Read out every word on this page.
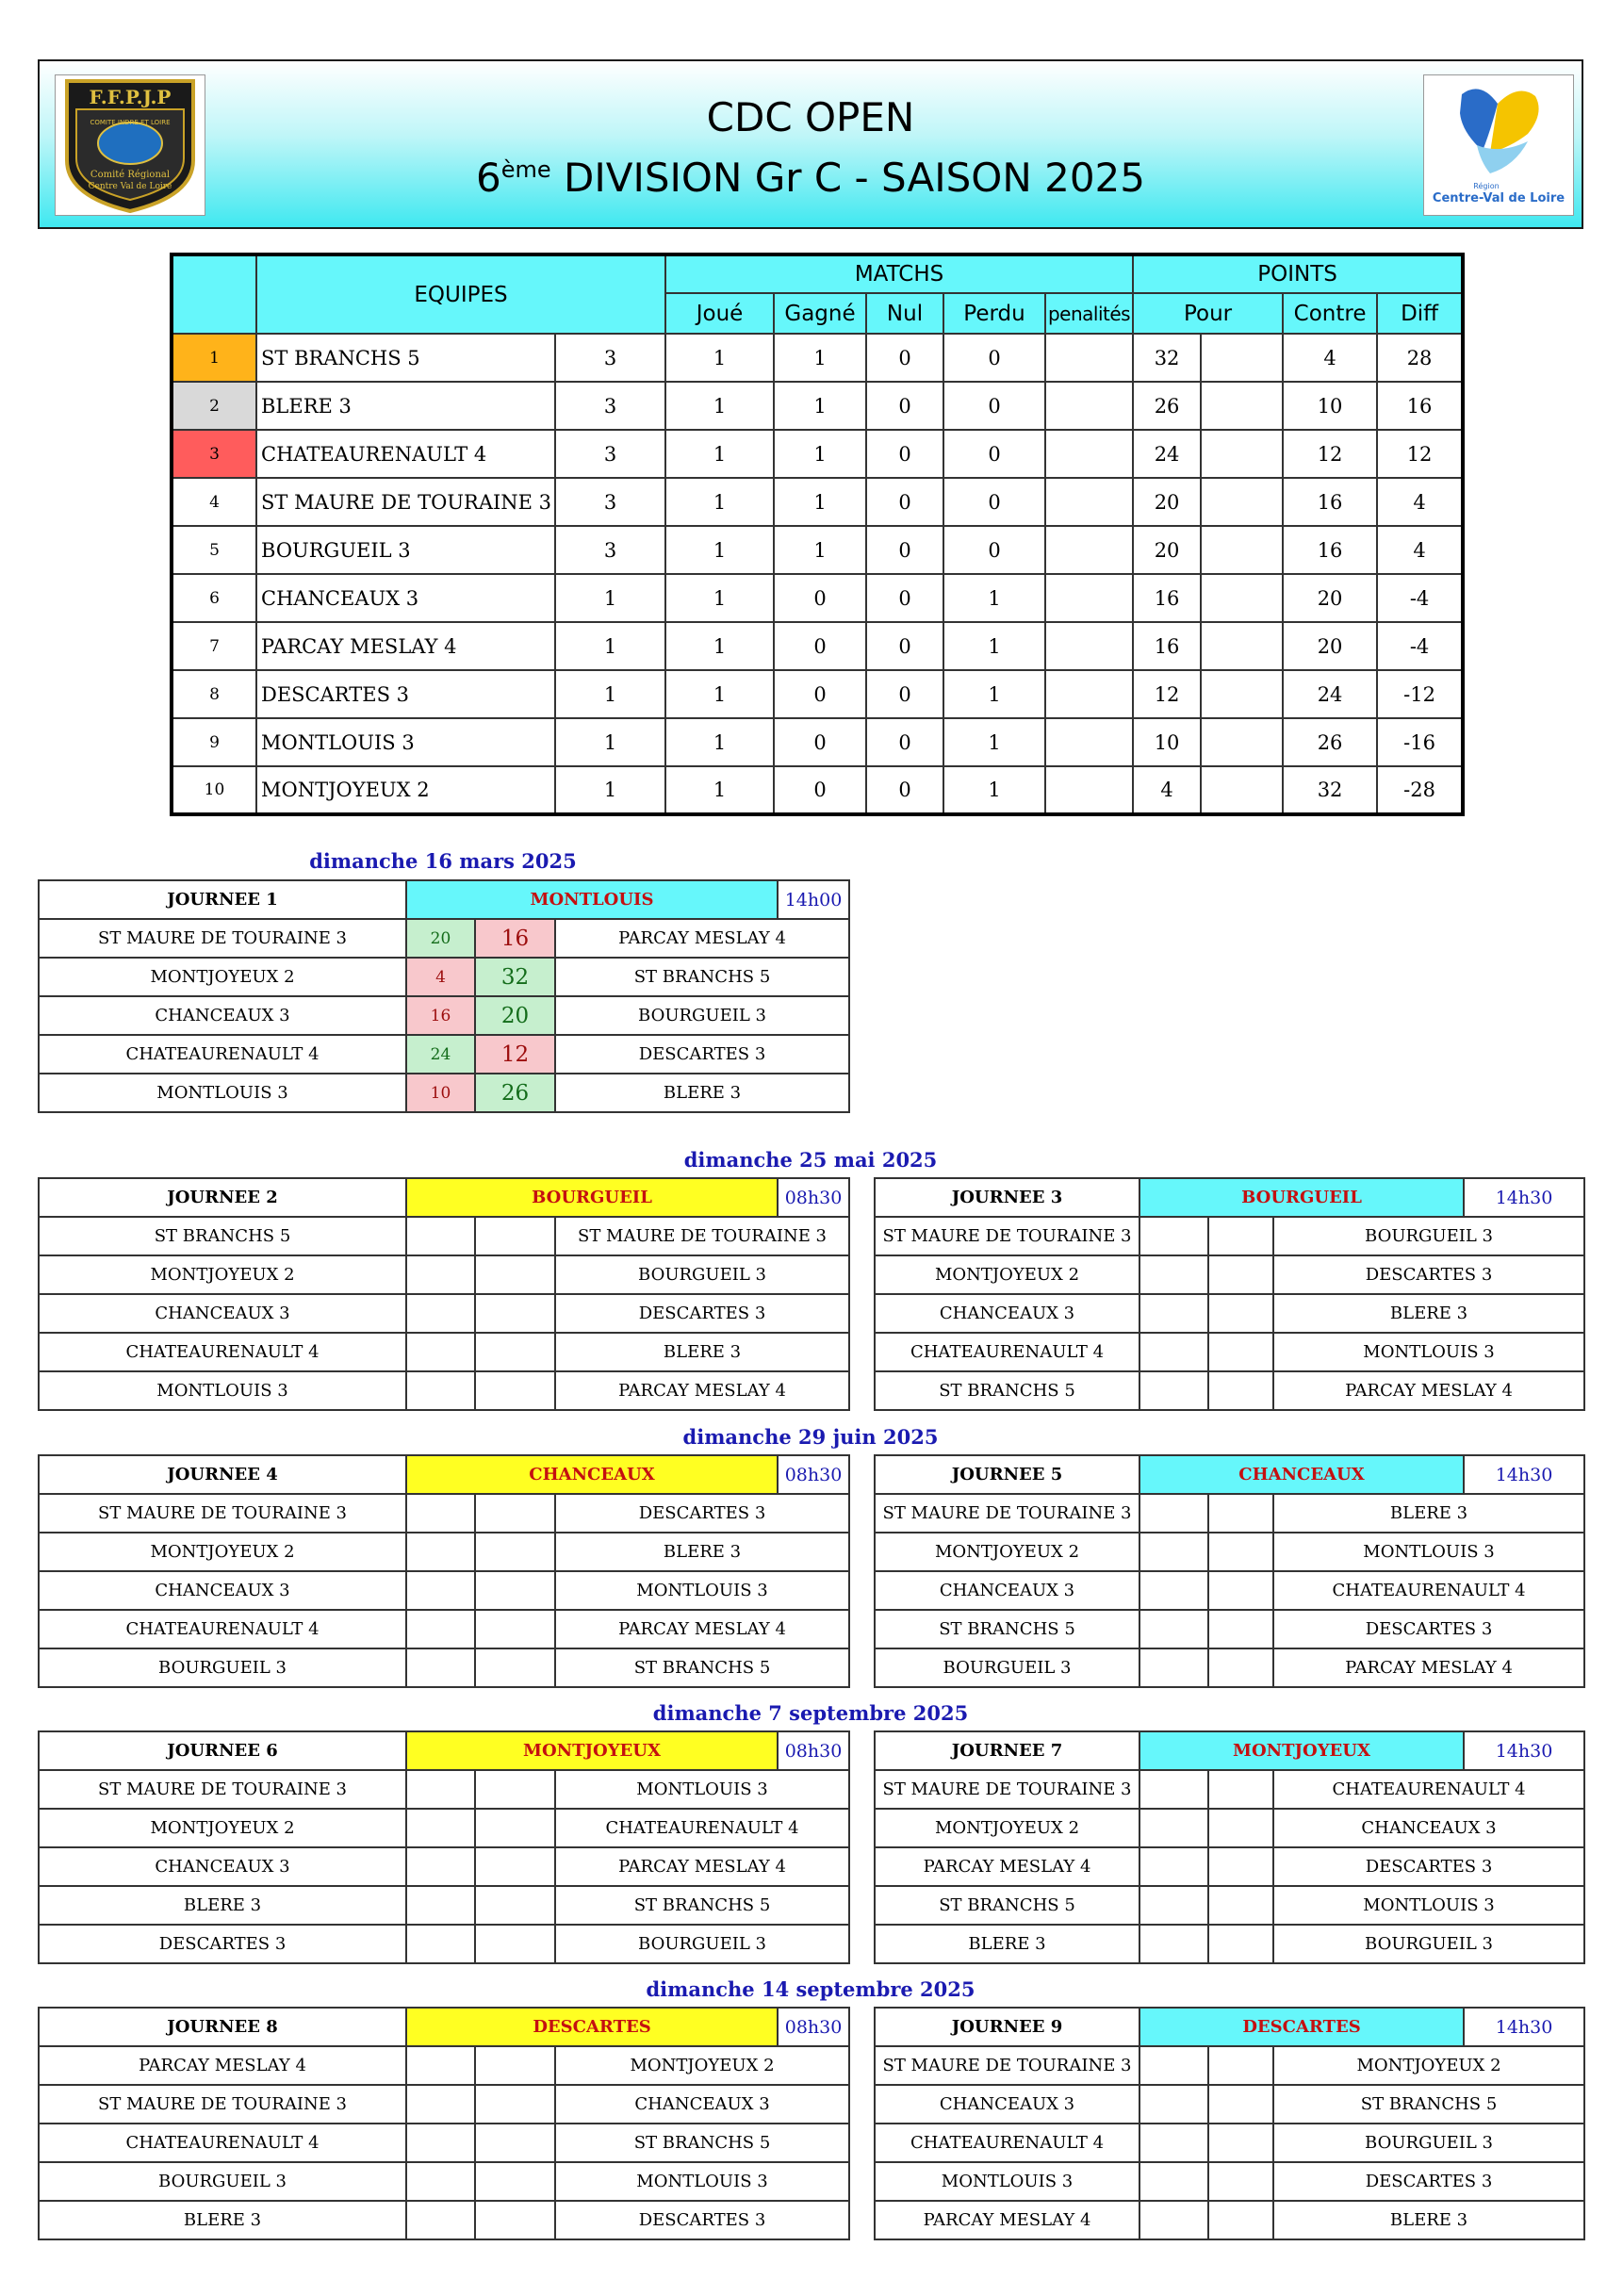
F.F.P.J.P
COMITE INDRE ET LOIRE
Comité Régional
Centre Val de Loire
CDC OPEN
6ème DIVISION Gr C - SAISON 2025	Région
Centre-Val de Loire
	EQUIPES		MATCHS					POINTS			
			Joué	Gagné	Nul	Perdu	penalités	Pour		Contre	Diff
1	ST BRANCHS 5	3	1	1	0	0		32		4	28
2	BLERE 3	3	1	1	0	0		26		10	16
3	CHATEAURENAULT 4	3	1	1	0	0		24		12	12
4	ST MAURE DE TOURAINE 3	3	1	1	0	0		20		16	4
5	BOURGUEIL 3	3	1	1	0	0		20		16	4
6	CHANCEAUX 3	1	1	0	0	1		16		20	-4
7	PARCAY MESLAY 4	1	1	0	0	1		16		20	-4
8	DESCARTES 3	1	1	0	0	1		12		24	-12
9	MONTLOUIS 3	1	1	0	0	1		10		26	-16
10	MONTJOYEUX 2	1	1	0	0	1		4		32	-28
dimanche 16 mars 2025
JOURNEE 1	MONTLOUIS			14h00
ST MAURE DE TOURAINE 3	20	16	PARCAY MESLAY 4	
MONTJOYEUX 2	4	32	ST BRANCHS 5	
CHANCEAUX 3	16	20	BOURGUEIL 3	
CHATEAURENAULT 4	24	12	DESCARTES 3	
MONTLOUIS 3	10	26	BLERE 3	
dimanche 25 mai 2025
JOURNEE 2	BOURGUEIL			08h30
ST BRANCHS 5			ST MAURE DE TOURAINE 3	
MONTJOYEUX 2			BOURGUEIL 3	
CHANCEAUX 3			DESCARTES 3	
CHATEAURENAULT 4			BLERE 3	
MONTLOUIS 3			PARCAY MESLAY 4	
JOURNEE 3	BOURGUEIL			14h30
ST MAURE DE TOURAINE 3			BOURGUEIL 3	
MONTJOYEUX 2			DESCARTES 3	
CHANCEAUX 3			BLERE 3	
CHATEAURENAULT 4			MONTLOUIS 3	
ST BRANCHS 5			PARCAY MESLAY 4	
dimanche 29 juin 2025
JOURNEE 4	CHANCEAUX			08h30
ST MAURE DE TOURAINE 3			DESCARTES 3	
MONTJOYEUX 2			BLERE 3	
CHANCEAUX 3			MONTLOUIS 3	
CHATEAURENAULT 4			PARCAY MESLAY 4	
BOURGUEIL 3			ST BRANCHS 5	
JOURNEE 5	CHANCEAUX			14h30
ST MAURE DE TOURAINE 3			BLERE 3	
MONTJOYEUX 2			MONTLOUIS 3	
CHANCEAUX 3			CHATEAURENAULT 4	
ST BRANCHS 5			DESCARTES 3	
BOURGUEIL 3			PARCAY MESLAY 4	
dimanche 7 septembre 2025
JOURNEE 6	MONTJOYEUX			08h30
ST MAURE DE TOURAINE 3			MONTLOUIS 3	
MONTJOYEUX 2			CHATEAURENAULT 4	
CHANCEAUX 3			PARCAY MESLAY 4	
BLERE 3			ST BRANCHS 5	
DESCARTES 3			BOURGUEIL 3	
JOURNEE 7	MONTJOYEUX			14h30
ST MAURE DE TOURAINE 3			CHATEAURENAULT 4	
MONTJOYEUX 2			CHANCEAUX 3	
PARCAY MESLAY 4			DESCARTES 3	
ST BRANCHS 5			MONTLOUIS 3	
BLERE 3			BOURGUEIL 3	
dimanche 14 septembre 2025
JOURNEE 8	DESCARTES			08h30
PARCAY MESLAY 4			MONTJOYEUX 2	
ST MAURE DE TOURAINE 3			CHANCEAUX 3	
CHATEAURENAULT 4			ST BRANCHS 5	
BOURGUEIL 3			MONTLOUIS 3	
BLERE 3			DESCARTES 3	
JOURNEE 9	DESCARTES			14h30
ST MAURE DE TOURAINE 3			MONTJOYEUX 2	
CHANCEAUX 3			ST BRANCHS 5	
CHATEAURENAULT 4			BOURGUEIL 3	
MONTLOUIS 3			DESCARTES 3	
PARCAY MESLAY 4			BLERE 3	
